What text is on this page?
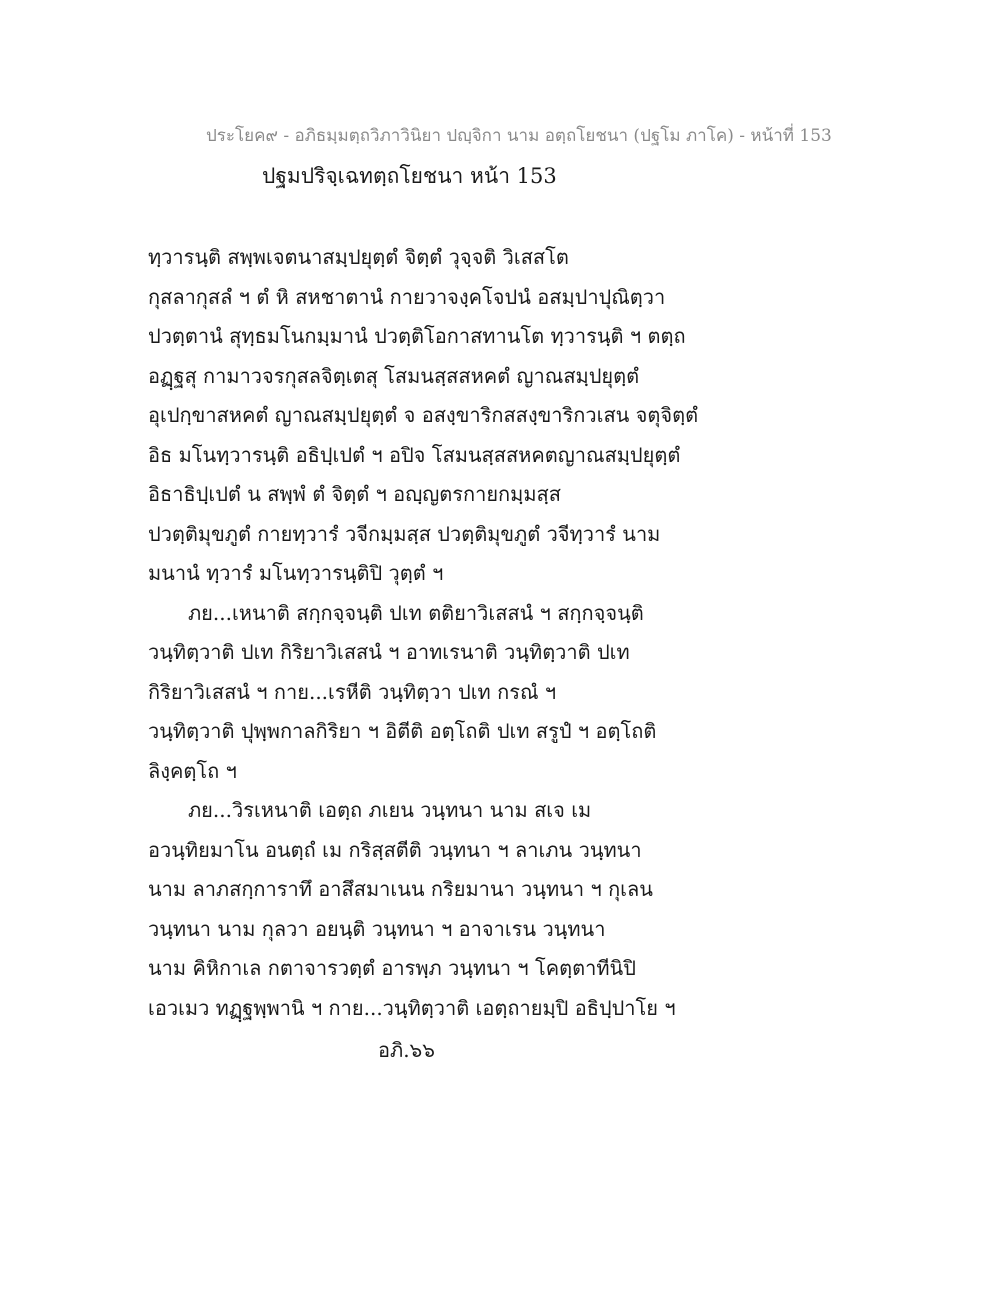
ประโยค๙ - อภิธมฺมตฺถวิภาวินิยา ปญฺจิกา นาม อตฺถโยชนา (ปฐโม ภาโค) - หน้าที่ 153
ปฐมปริจฺเฉทตฺถโยชนา หน้า 153
ทฺวารนฺติ สพฺพเจตนาสมฺปยุตฺตํ จิตฺตํ วุจฺจติ วิเสสโต
กุสลากุสลํ ฯ ตํ หิ สหชาตานํ กายวาจงฺคโจปนํ อสมฺปาปุณิตฺวา
ปวตฺตานํ สุทฺธมโนกมฺมานํ ปวตฺติโอกาสทานโต ทฺวารนฺติ ฯ ตตฺถ
อฏฺฐสุ กามาวจรกุสลจิตฺเตสุ โสมนสฺสสหคตํ ญาณสมฺปยุตฺตํ
อุเปกฺขาสหคตํ ญาณสมฺปยุตฺตํ จ อสงฺขาริกสสงฺขาริกวเสน จตุจิตฺตํ
อิธ มโนทฺวารนฺติ อธิปฺเปตํ ฯ อปิจ โสมนสฺสสหคตญาณสมฺปยุตฺตํ
อิธาธิปฺเปตํ น สพฺพํ ตํ จิตฺตํ ฯ อญฺญตรกายกมฺมสฺส
ปวตฺติมุขภูตํ กายทฺวารํ วจีกมฺมสฺส ปวตฺติมุขภูตํ วจีทฺวารํ นาม
มนานํ ทฺวารํ มโนทฺวารนฺติปิ วุตฺตํ ฯ
ภย...เหนาติ สกฺกจฺจนฺติ ปเท ตติยาวิเสสนํ ฯ สกฺกจฺจนฺติ
วนฺทิตฺวาติ ปเท กิริยาวิเสสนํ ฯ อาทเรนาติ วนฺทิตฺวาติ ปเท
กิริยาวิเสสนํ ฯ กาย...เรหีติ วนฺทิตฺวา ปเท กรณํ ฯ
วนฺทิตฺวาติ ปุพฺพกาลกิริยา ฯ อิตีติ อตฺโถติ ปเท สรูปํ ฯ อตฺโถติ
ลิงฺคตฺโถ ฯ
ภย...วิรเหนาติ เอตฺถ ภเยน วนฺทนา นาม สเจ เม
อวนฺทิยมาโน อนตฺถํ เม กริสฺสตีติ วนฺทนา ฯ ลาเภน วนฺทนา
นาม ลาภสกฺการาทึ อาสึสมาเนน กริยมานา วนฺทนา ฯ กุเลน
วนฺทนา นาม กุลวา อยนฺติ วนฺทนา ฯ อาจาเรน วนฺทนา
นาม คิหิกาเล กตาจารวตฺตํ อารพฺภ วนฺทนา ฯ โคตฺตาทีนิปิ
เอวเมว ทฏฺฐพฺพานิ ฯ กาย...วนฺทิตฺวาติ เอตฺถายมฺปิ อธิปฺปาโย ฯ
อภิ.๖๖
